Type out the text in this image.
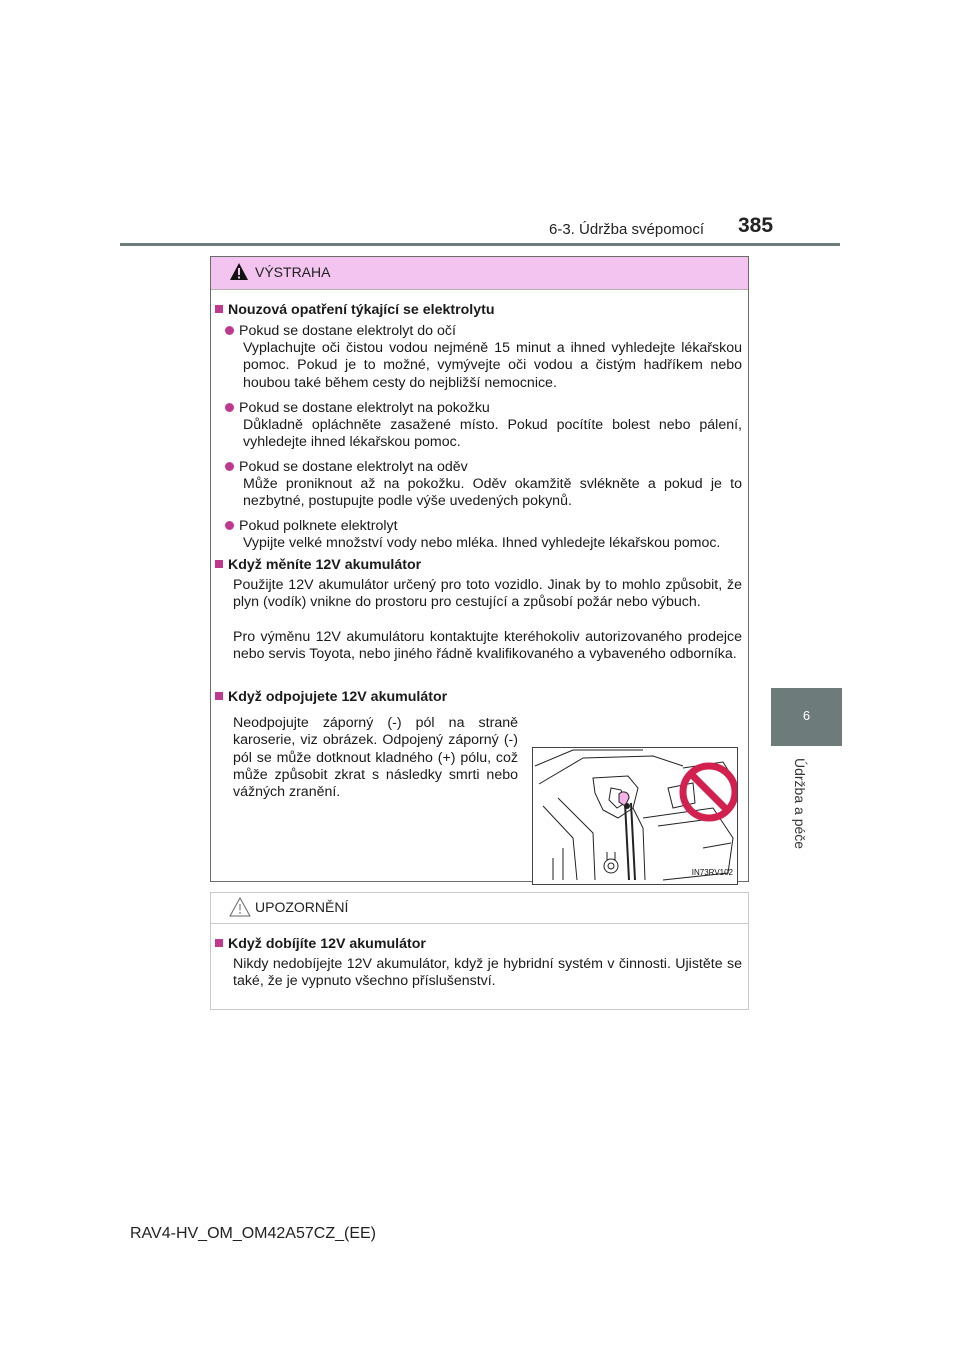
6-3. Údržba svépomocí 385
6
Údržba a péče
VÝSTRAHA
Nouzová opatření týkající se elektrolytu
Pokud se dostane elektrolyt do očí
Vyplachujte oči čistou vodou nejméně 15 minut a ihned vyhledejte lékařskou pomoc. Pokud je to možné, vymývejte oči vodou a čistým hadříkem nebo houbou také během cesty do nejbližší nemocnice.
Pokud se dostane elektrolyt na pokožku
Důkladně opláchněte zasažené místo. Pokud pocítíte bolest nebo pálení, vyhledejte ihned lékařskou pomoc.
Pokud se dostane elektrolyt na oděv
Může proniknout až na pokožku. Oděv okamžitě svlékněte a pokud je to nezbytné, postupujte podle výše uvedených pokynů.
Pokud polknete elektrolyt
Vypijte velké množství vody nebo mléka. Ihned vyhledejte lékařskou pomoc.
Když měníte 12V akumulátor
Použijte 12V akumulátor určený pro toto vozidlo. Jinak by to mohlo způsobit, že plyn (vodík) vnikne do prostoru pro cestující a způsobí požár nebo výbuch.
Pro výměnu 12V akumulátoru kontaktujte kteréhokoliv autorizovaného prodejce nebo servis Toyota, nebo jiného řádně kvalifikovaného a vybaveného odborníka.
Když odpojujete 12V akumulátor
Neodpojujte záporný (-) pól na straně karoserie, viz obrázek. Odpojený záporný (-) pól se může dotknout kladného (+) pólu, což může způsobit zkrat s následky smrti nebo vážných zranění.
IN73RV102
UPOZORNĚNÍ
Když dobíjíte 12V akumulátor
Nikdy nedobíjejte 12V akumulátor, když je hybridní systém v činnosti. Ujistěte se také, že je vypnuto všechno příslušenství.
RAV4-HV_OM_OM42A57CZ_(EE)
